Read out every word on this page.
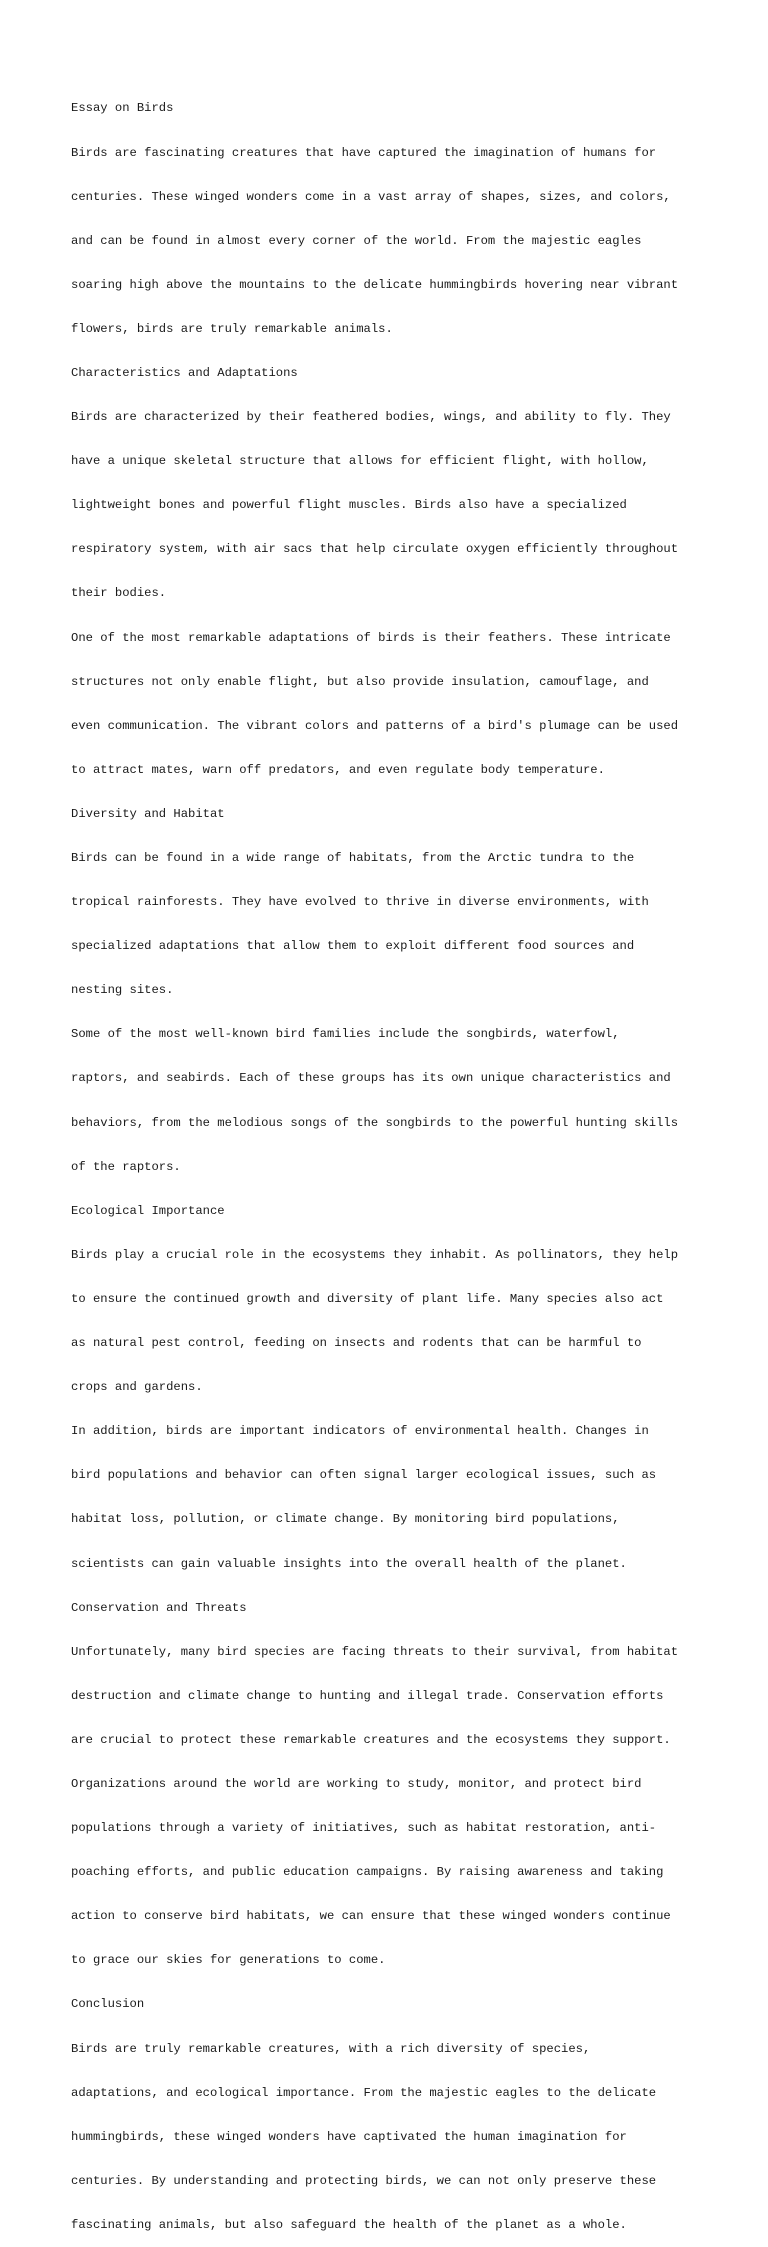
Essay on Birds

Birds are fascinating creatures that have captured the imagination of humans for

centuries. These winged wonders come in a vast array of shapes, sizes, and colors,

and can be found in almost every corner of the world. From the majestic eagles

soaring high above the mountains to the delicate hummingbirds hovering near vibrant

flowers, birds are truly remarkable animals.

Characteristics and Adaptations

Birds are characterized by their feathered bodies, wings, and ability to fly. They

have a unique skeletal structure that allows for efficient flight, with hollow,

lightweight bones and powerful flight muscles. Birds also have a specialized

respiratory system, with air sacs that help circulate oxygen efficiently throughout

their bodies.

One of the most remarkable adaptations of birds is their feathers. These intricate

structures not only enable flight, but also provide insulation, camouflage, and

even communication. The vibrant colors and patterns of a bird's plumage can be used

to attract mates, warn off predators, and even regulate body temperature.

Diversity and Habitat

Birds can be found in a wide range of habitats, from the Arctic tundra to the

tropical rainforests. They have evolved to thrive in diverse environments, with

specialized adaptations that allow them to exploit different food sources and

nesting sites.

Some of the most well-known bird families include the songbirds, waterfowl,

raptors, and seabirds. Each of these groups has its own unique characteristics and

behaviors, from the melodious songs of the songbirds to the powerful hunting skills

of the raptors.

Ecological Importance

Birds play a crucial role in the ecosystems they inhabit. As pollinators, they help

to ensure the continued growth and diversity of plant life. Many species also act

as natural pest control, feeding on insects and rodents that can be harmful to

crops and gardens.

In addition, birds are important indicators of environmental health. Changes in

bird populations and behavior can often signal larger ecological issues, such as

habitat loss, pollution, or climate change. By monitoring bird populations,

scientists can gain valuable insights into the overall health of the planet.

Conservation and Threats

Unfortunately, many bird species are facing threats to their survival, from habitat

destruction and climate change to hunting and illegal trade. Conservation efforts

are crucial to protect these remarkable creatures and the ecosystems they support.

Organizations around the world are working to study, monitor, and protect bird

populations through a variety of initiatives, such as habitat restoration, anti-

poaching efforts, and public education campaigns. By raising awareness and taking

action to conserve bird habitats, we can ensure that these winged wonders continue

to grace our skies for generations to come.

Conclusion

Birds are truly remarkable creatures, with a rich diversity of species,

adaptations, and ecological importance. From the majestic eagles to the delicate

hummingbirds, these winged wonders have captivated the human imagination for

centuries. By understanding and protecting birds, we can not only preserve these

fascinating animals, but also safeguard the health of the planet as a whole.
